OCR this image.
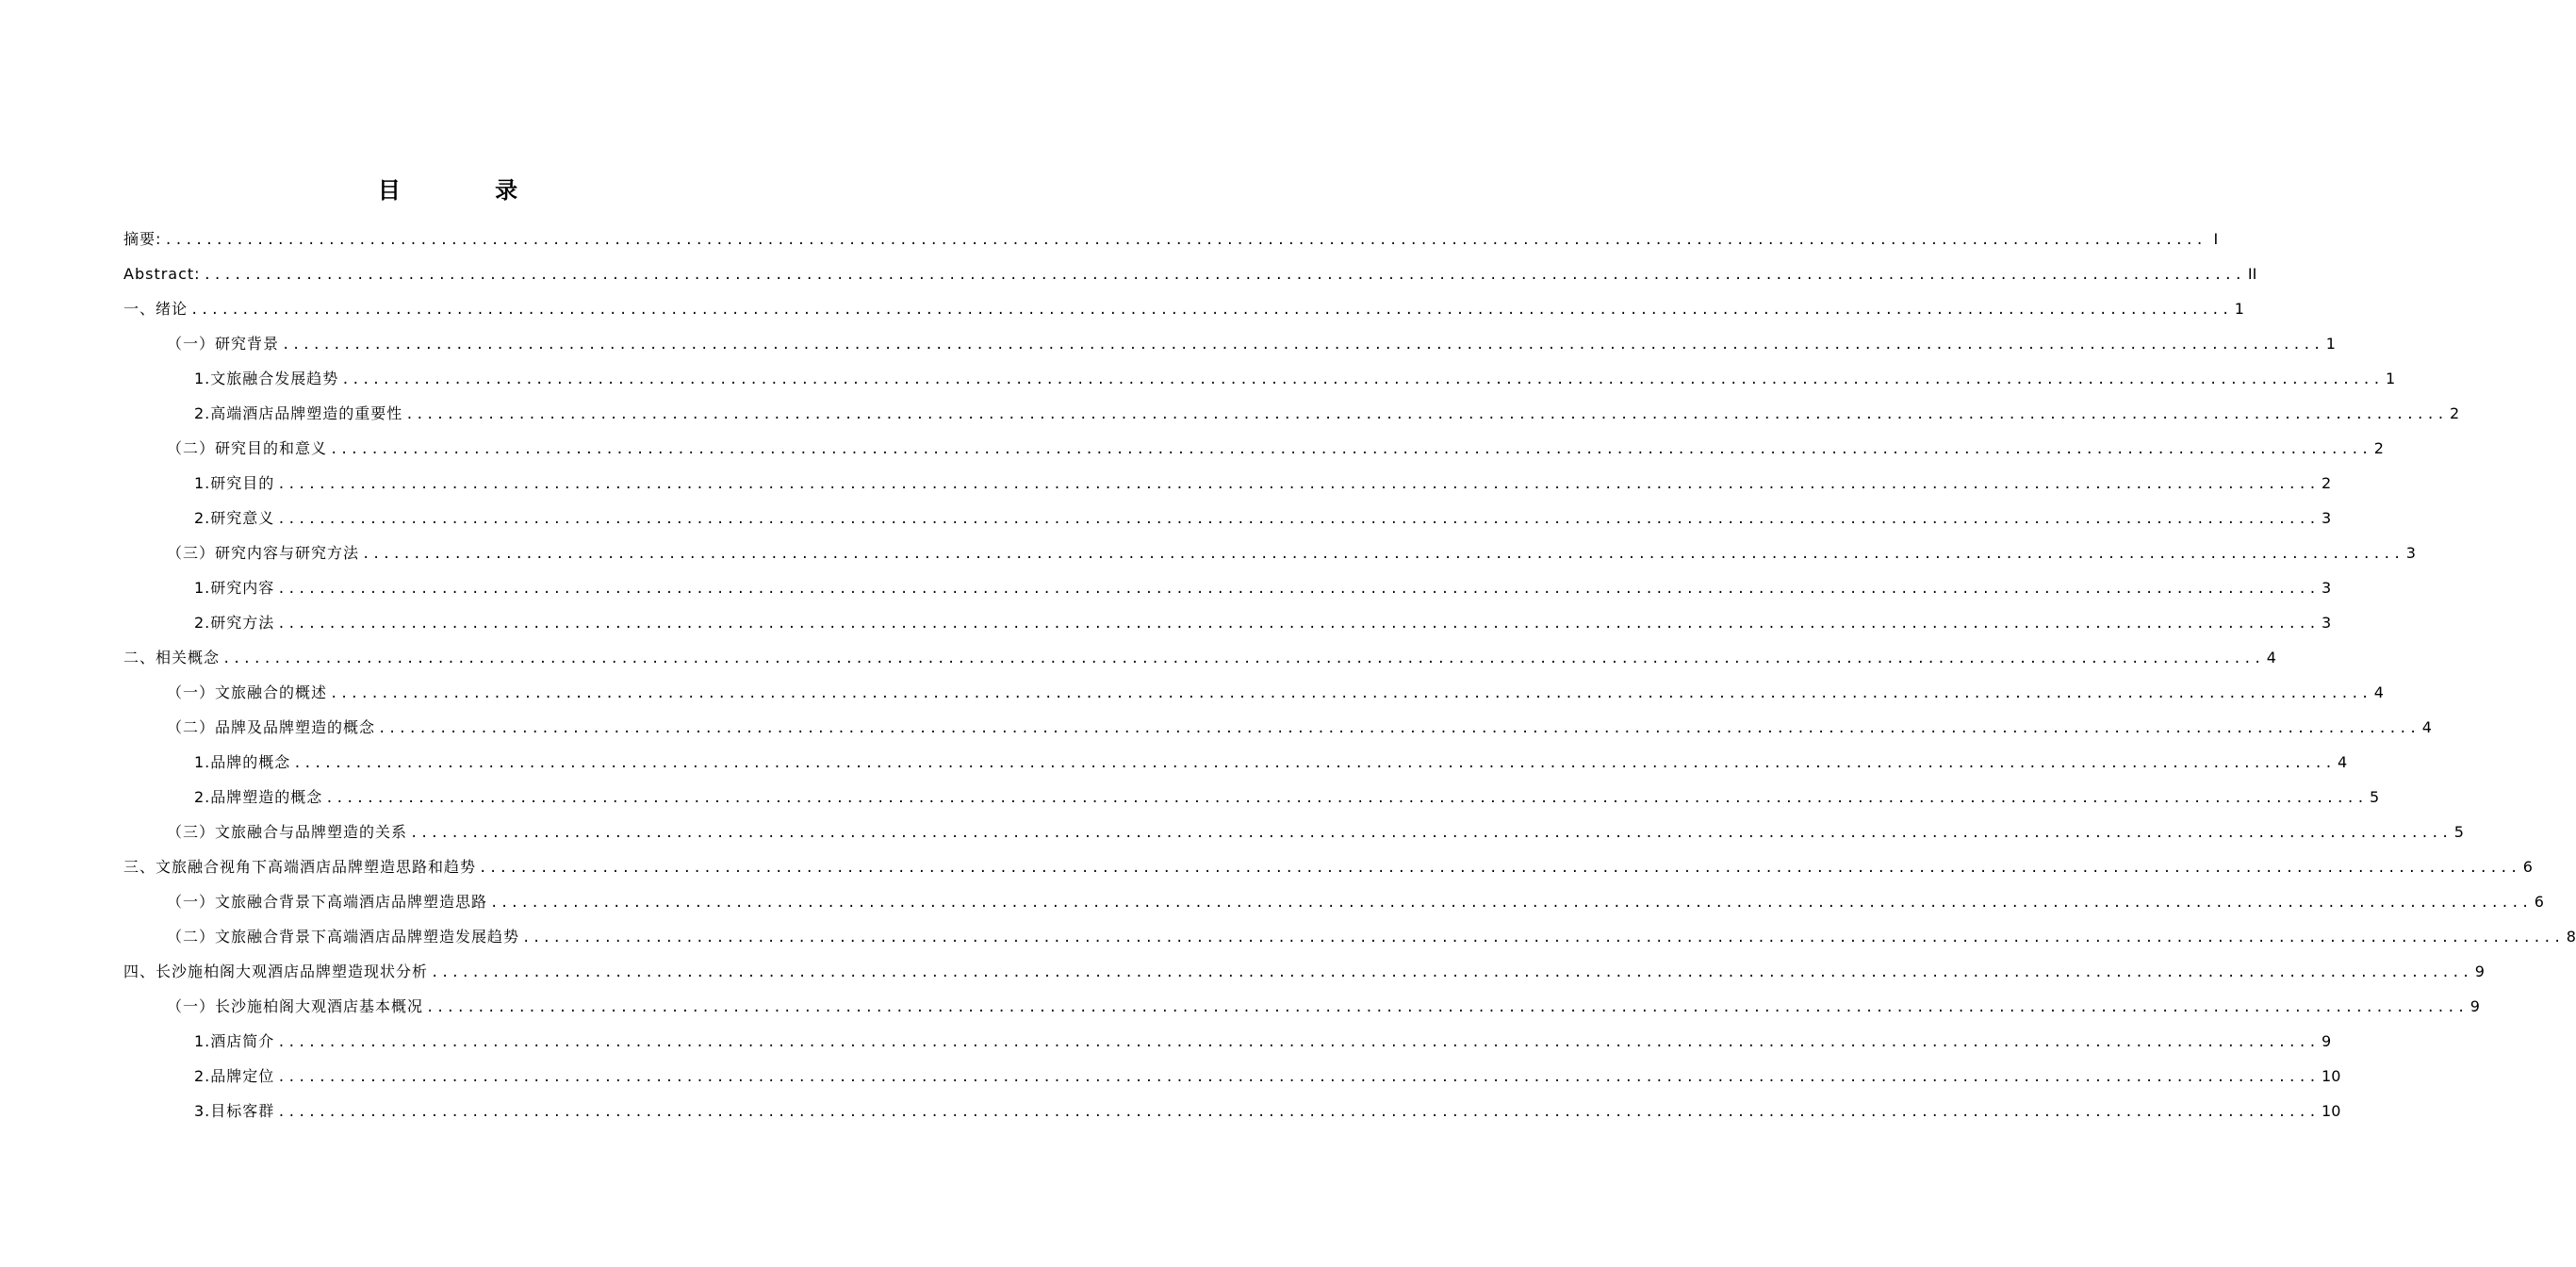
目 录
摘要: ........................................................................................................................................................................................................ I
Abstract: ........................................................................................................................................................................................................ II
一、绪论 ........................................................................................................................................................................................................ 1
（一）研究背景 ........................................................................................................................................................................................................ 1
1.文旅融合发展趋势 ........................................................................................................................................................................................................ 1
2.高端酒店品牌塑造的重要性 ........................................................................................................................................................................................................ 2
（二）研究目的和意义 ........................................................................................................................................................................................................ 2
1.研究目的 ........................................................................................................................................................................................................ 2
2.研究意义 ........................................................................................................................................................................................................ 3
（三）研究内容与研究方法 ........................................................................................................................................................................................................ 3
1.研究内容 ........................................................................................................................................................................................................ 3
2.研究方法 ........................................................................................................................................................................................................ 3
二、相关概念 ........................................................................................................................................................................................................ 4
（一）文旅融合的概述 ........................................................................................................................................................................................................ 4
（二）品牌及品牌塑造的概念 ........................................................................................................................................................................................................ 4
1.品牌的概念 ........................................................................................................................................................................................................ 4
2.品牌塑造的概念 ........................................................................................................................................................................................................ 5
（三）文旅融合与品牌塑造的关系 ........................................................................................................................................................................................................ 5
三、文旅融合视角下高端酒店品牌塑造思路和趋势 ........................................................................................................................................................................................................ 6
（一）文旅融合背景下高端酒店品牌塑造思路 ........................................................................................................................................................................................................ 6
（二）文旅融合背景下高端酒店品牌塑造发展趋势 ........................................................................................................................................................................................................ 8
四、长沙施柏阁大观酒店品牌塑造现状分析 ........................................................................................................................................................................................................ 9
（一）长沙施柏阁大观酒店基本概况 ........................................................................................................................................................................................................ 9
1.酒店简介 ........................................................................................................................................................................................................ 9
2.品牌定位 ........................................................................................................................................................................................................ 10
3.目标客群 ........................................................................................................................................................................................................ 10
